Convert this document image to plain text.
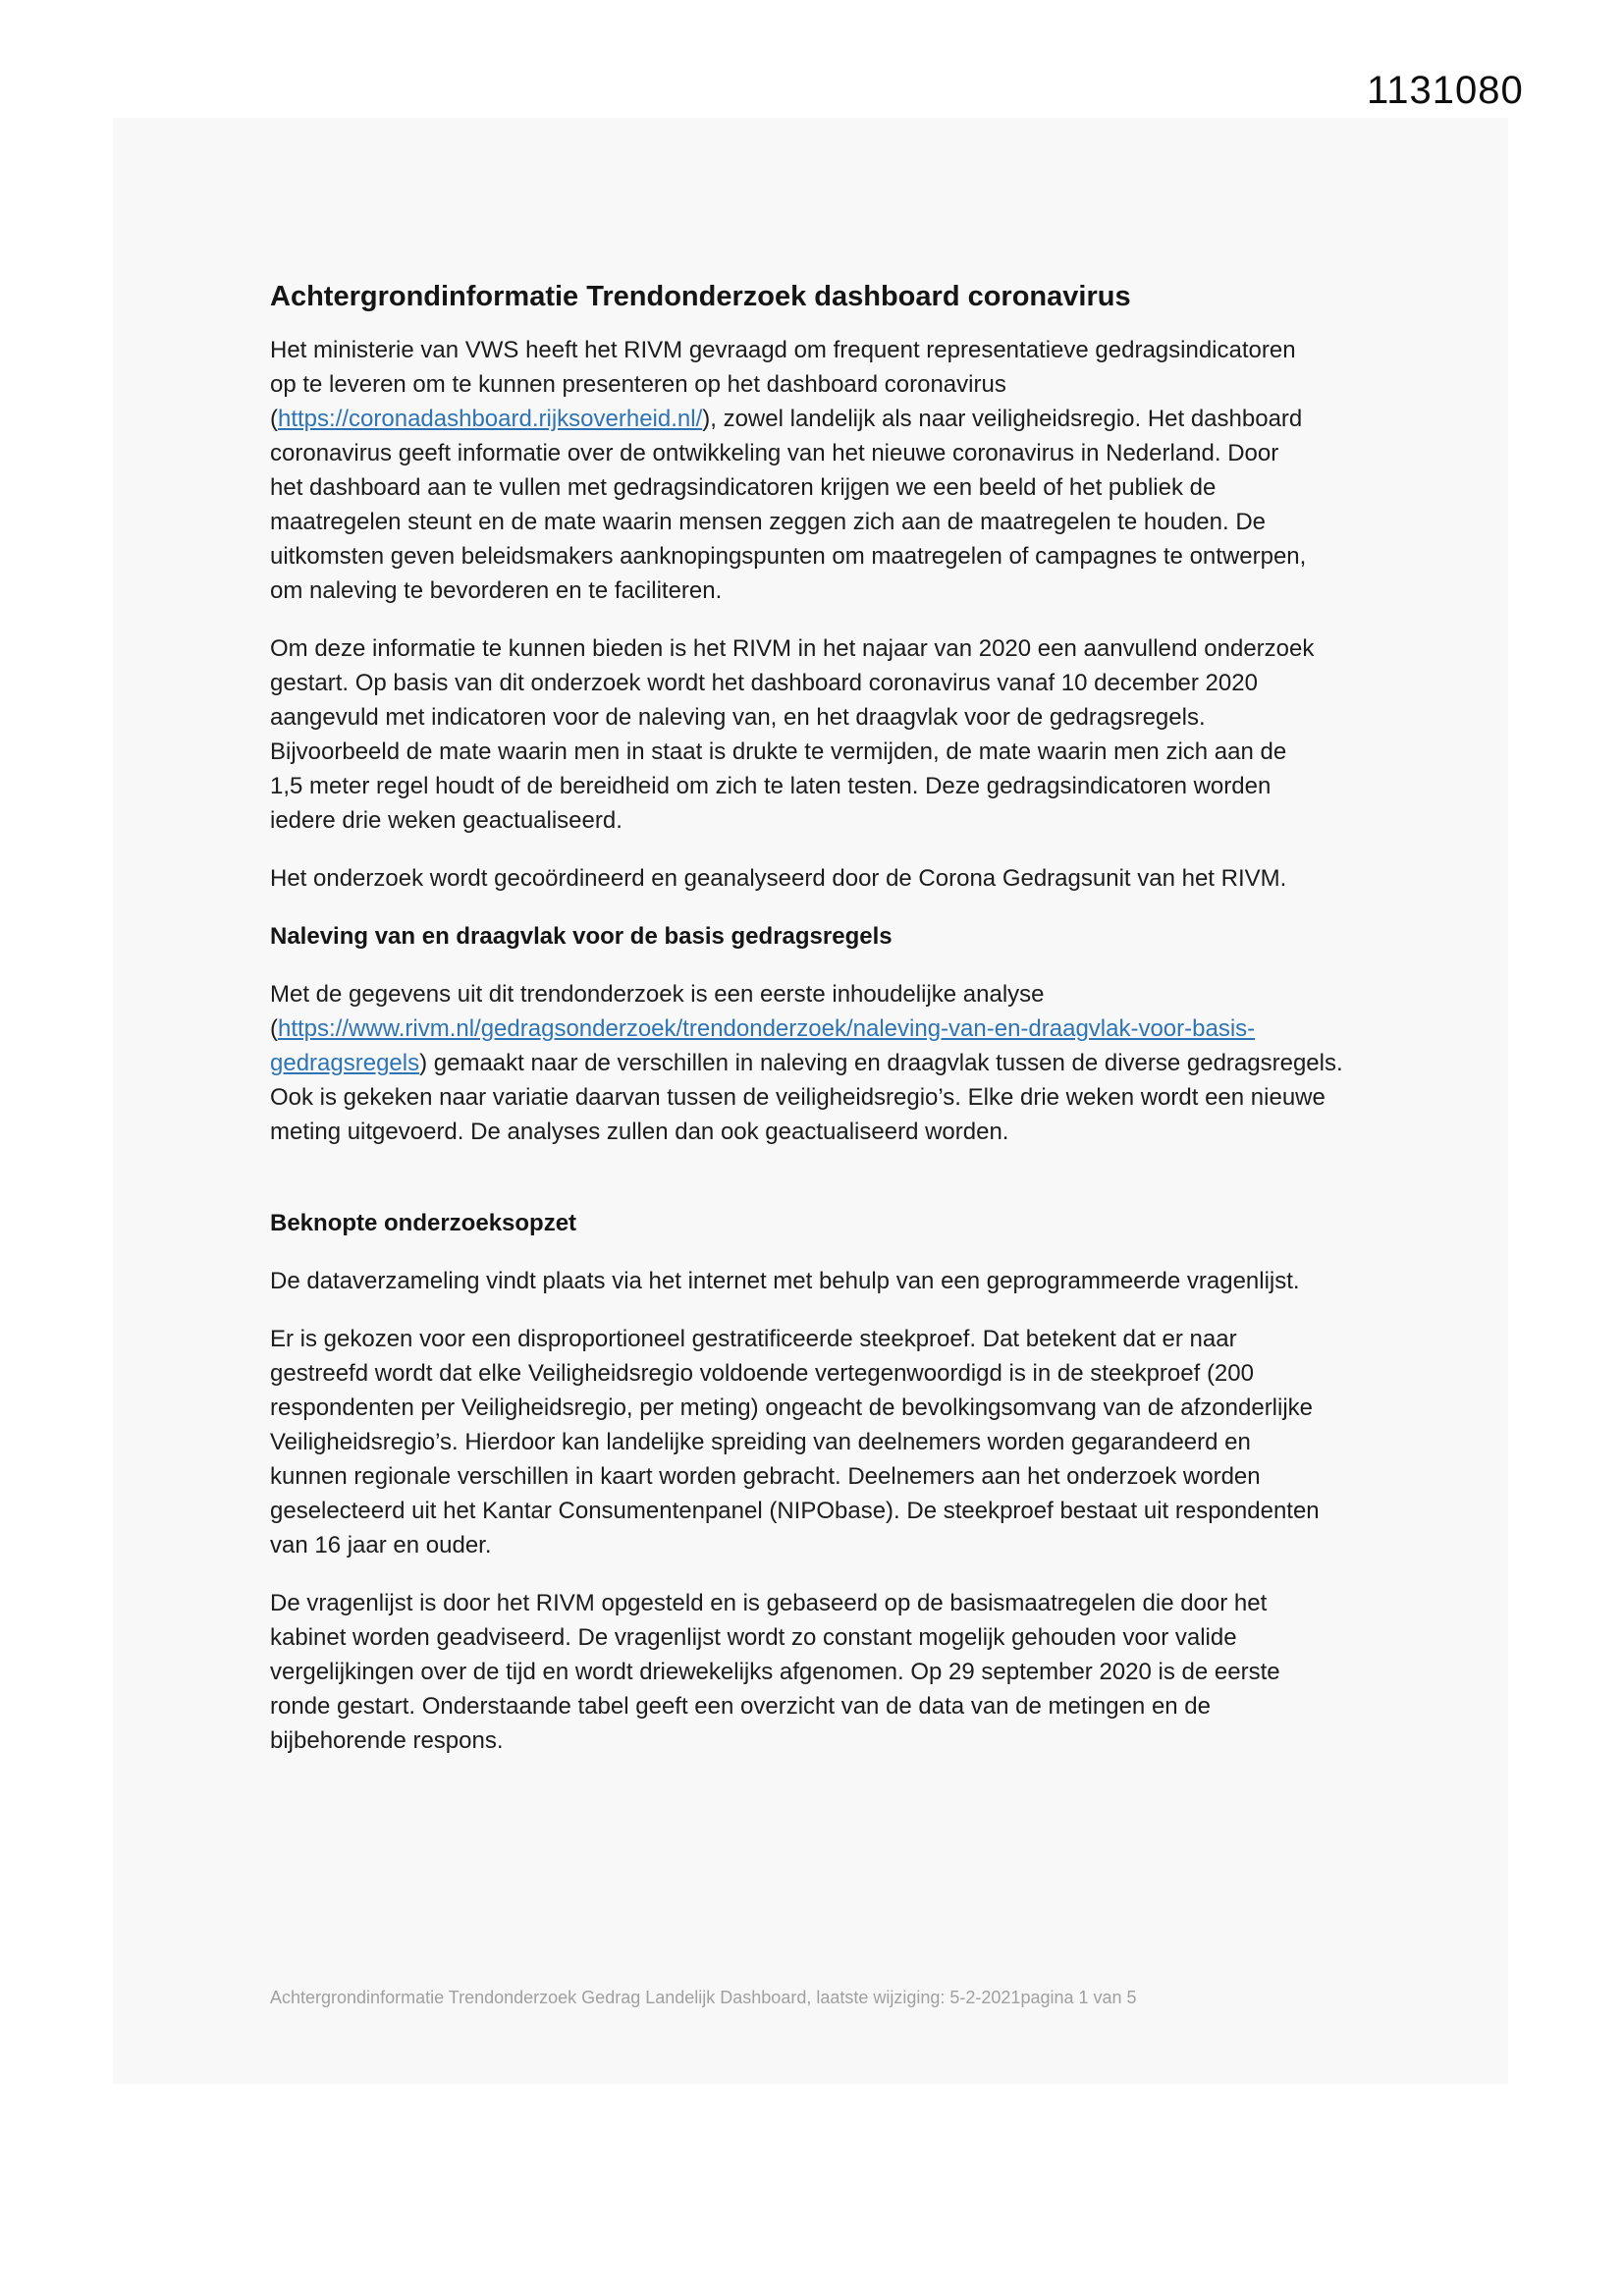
1131080
Achtergrondinformatie Trendonderzoek dashboard coronavirus
Het ministerie van VWS heeft het RIVM gevraagd om frequent representatieve gedragsindicatoren
op te leveren om te kunnen presenteren op het dashboard coronavirus
(https://coronadashboard.rijksoverheid.nl/), zowel landelijk als naar veiligheidsregio. Het dashboard
coronavirus geeft informatie over de ontwikkeling van het nieuwe coronavirus in Nederland. Door
het dashboard aan te vullen met gedragsindicatoren krijgen we een beeld of het publiek de
maatregelen steunt en de mate waarin mensen zeggen zich aan de maatregelen te houden. De
uitkomsten geven beleidsmakers aanknopingspunten om maatregelen of campagnes te ontwerpen,
om naleving te bevorderen en te faciliteren.
Om deze informatie te kunnen bieden is het RIVM in het najaar van 2020 een aanvullend onderzoek
gestart. Op basis van dit onderzoek wordt het dashboard coronavirus vanaf 10 december 2020
aangevuld met indicatoren voor de naleving van, en het draagvlak voor de gedragsregels.
Bijvoorbeeld de mate waarin men in staat is drukte te vermijden, de mate waarin men zich aan de
1,5 meter regel houdt of de bereidheid om zich te laten testen. Deze gedragsindicatoren worden
iedere drie weken geactualiseerd.
Het onderzoek wordt gecoördineerd en geanalyseerd door de Corona Gedragsunit van het RIVM.
Naleving van en draagvlak voor de basis gedragsregels
Met de gegevens uit dit trendonderzoek is een eerste inhoudelijke analyse
(https://www.rivm.nl/gedragsonderzoek/trendonderzoek/naleving-van-en-draagvlak-voor-basis-
gedragsregels) gemaakt naar de verschillen in naleving en draagvlak tussen de diverse gedragsregels.
Ook is gekeken naar variatie daarvan tussen de veiligheidsregio’s. Elke drie weken wordt een nieuwe
meting uitgevoerd. De analyses zullen dan ook geactualiseerd worden.
Beknopte onderzoeksopzet
De dataverzameling vindt plaats via het internet met behulp van een geprogrammeerde vragenlijst.
Er is gekozen voor een disproportioneel gestratificeerde steekproef. Dat betekent dat er naar
gestreefd wordt dat elke Veiligheidsregio voldoende vertegenwoordigd is in de steekproef (200
respondenten per Veiligheidsregio, per meting) ongeacht de bevolkingsomvang van de afzonderlijke
Veiligheidsregio’s. Hierdoor kan landelijke spreiding van deelnemers worden gegarandeerd en
kunnen regionale verschillen in kaart worden gebracht. Deelnemers aan het onderzoek worden
geselecteerd uit het Kantar Consumentenpanel (NIPObase). De steekproef bestaat uit respondenten
van 16 jaar en ouder.
De vragenlijst is door het RIVM opgesteld en is gebaseerd op de basismaatregelen die door het
kabinet worden geadviseerd. De vragenlijst wordt zo constant mogelijk gehouden voor valide
vergelijkingen over de tijd en wordt driewekelijks afgenomen. Op 29 september 2020 is de eerste
ronde gestart. Onderstaande tabel geeft een overzicht van de data van de metingen en de
bijbehorende respons.
Achtergrondinformatie Trendonderzoek Gedrag Landelijk Dashboard, laatste wijziging: 5-2-2021pagina 1 van 5
